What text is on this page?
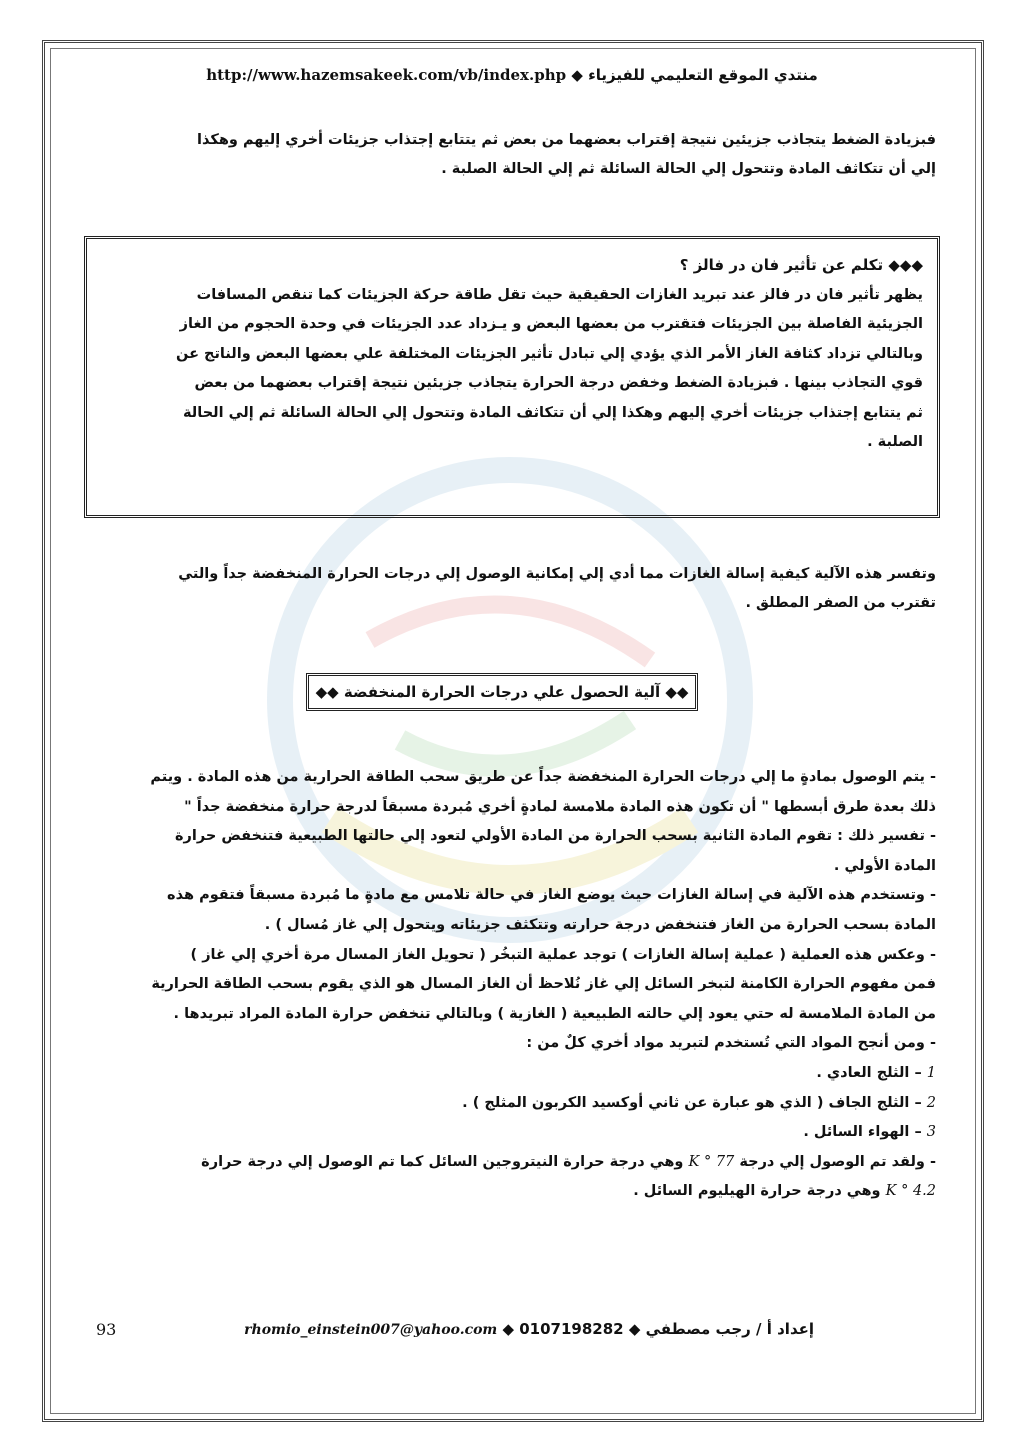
منتدي الموقع التعليمي للفيزياء ◆ http://www.hazemsakeek.com/vb/index.php

فبزيادة الضغط يتجاذب جزيئين نتيجة إقتراب بعضهما من بعض ثم يتتابع إجتذاب جزيئات أخري إليهم وهكذا

إلي أن تتكاثف المادة وتتحول إلي الحالة السائلة ثم إلي الحالة الصلبة .

◆◆◆ تكلم عن تأثير فان در فالز ؟
يظهر تأثير فان در فالز عند تبريد الغازات الحقيقية حيث تقل طاقة حركة الجزيئات كما تنقص المسافات
الجزيئية الفاصلة بين الجزيئات فتقترب من بعضها البعض و يـزداد عدد الجزيئات في وحدة الحجوم من الغاز
وبالتالي تزداد كثافة الغاز الأمر الذي يؤدي إلي تبادل تأثير الجزيئات المختلفة علي بعضها البعض والناتج عن
قوي التجاذب بينها . فبزيادة الضغط وخفض درجة الحرارة يتجاذب جزيئين نتيجة إقتراب بعضهما من بعض
ثم يتتابع إجتذاب جزيئات أخري إليهم وهكذا إلي أن تتكاثف المادة وتتحول إلي الحالة السائلة ثم إلي الحالة
الصلبة .

وتفسر هذه الآلية كيفية إسالة الغازات مما أدي إلي إمكانية الوصول إلي درجات الحرارة المنخفضة جداً والتي

تقترب من الصفر المطلق .

◆◆ آلية الحصول علي درجات الحرارة المنخفضة ◆◆

- يتم الوصول بمادةٍ ما إلي درجات الحرارة المنخفضة جداً عن طريق سحب الطاقة الحرارية من هذه المادة . ويتم

ذلك بعدة طرق أبسطها " أن تكون هذه المادة ملامسة لمادةٍ أخري مُبردة مسبقاً لدرجة حرارة منخفضة جداً "

- تفسير ذلك : تقوم المادة الثانية بسحب الحرارة من المادة الأولي لتعود إلي حالتها الطبيعية فتنخفض حرارة

المادة الأولي .

- وتستخدم هذه الآلية في إسالة الغازات حيث يوضع الغاز في حالة تلامس مع مادةٍ ما مُبردة مسبقاً فتقوم هذه

المادة بسحب الحرارة من الغاز فتنخفض درجة حرارته وتتكثف جزيئاته ويتحول إلي غاز مُسال ) .

- وعكس هذه العملية ( عملية إسالة الغازات ) توجد عملية التبخُر ( تحويل الغاز المسال مرة أخري إلي غاز )

فمن مفهوم الحرارة الكامنة لتبخر السائل إلي غاز نُلاحظ أن الغاز المسال هو الذي يقوم بسحب الطاقة الحرارية

من المادة الملامسة له حتي يعود إلي حالته الطبيعية ( الغازية ) وبالتالي تنخفض حرارة المادة المراد تبريدها .

- ومن أنجح المواد التي تُستخدم لتبريد مواد أخري كلٌ من :

1 – الثلج العادي .

2 – الثلج الجاف ( الذي هو عبارة عن ثاني أوكسيد الكربون المثلج ) .

3 – الهواء السائل .

- ولقد تم الوصول إلي درجة 77 ° K وهي درجة حرارة النيتروجين السائل كما تم الوصول إلي درجة حرارة

4.2 ° K وهي درجة حرارة الهيليوم السائل .

93	إعداد أ / رجب مصطفي ◆ 0107198282 ◆ rhomio_einstein007@yahoo.com
